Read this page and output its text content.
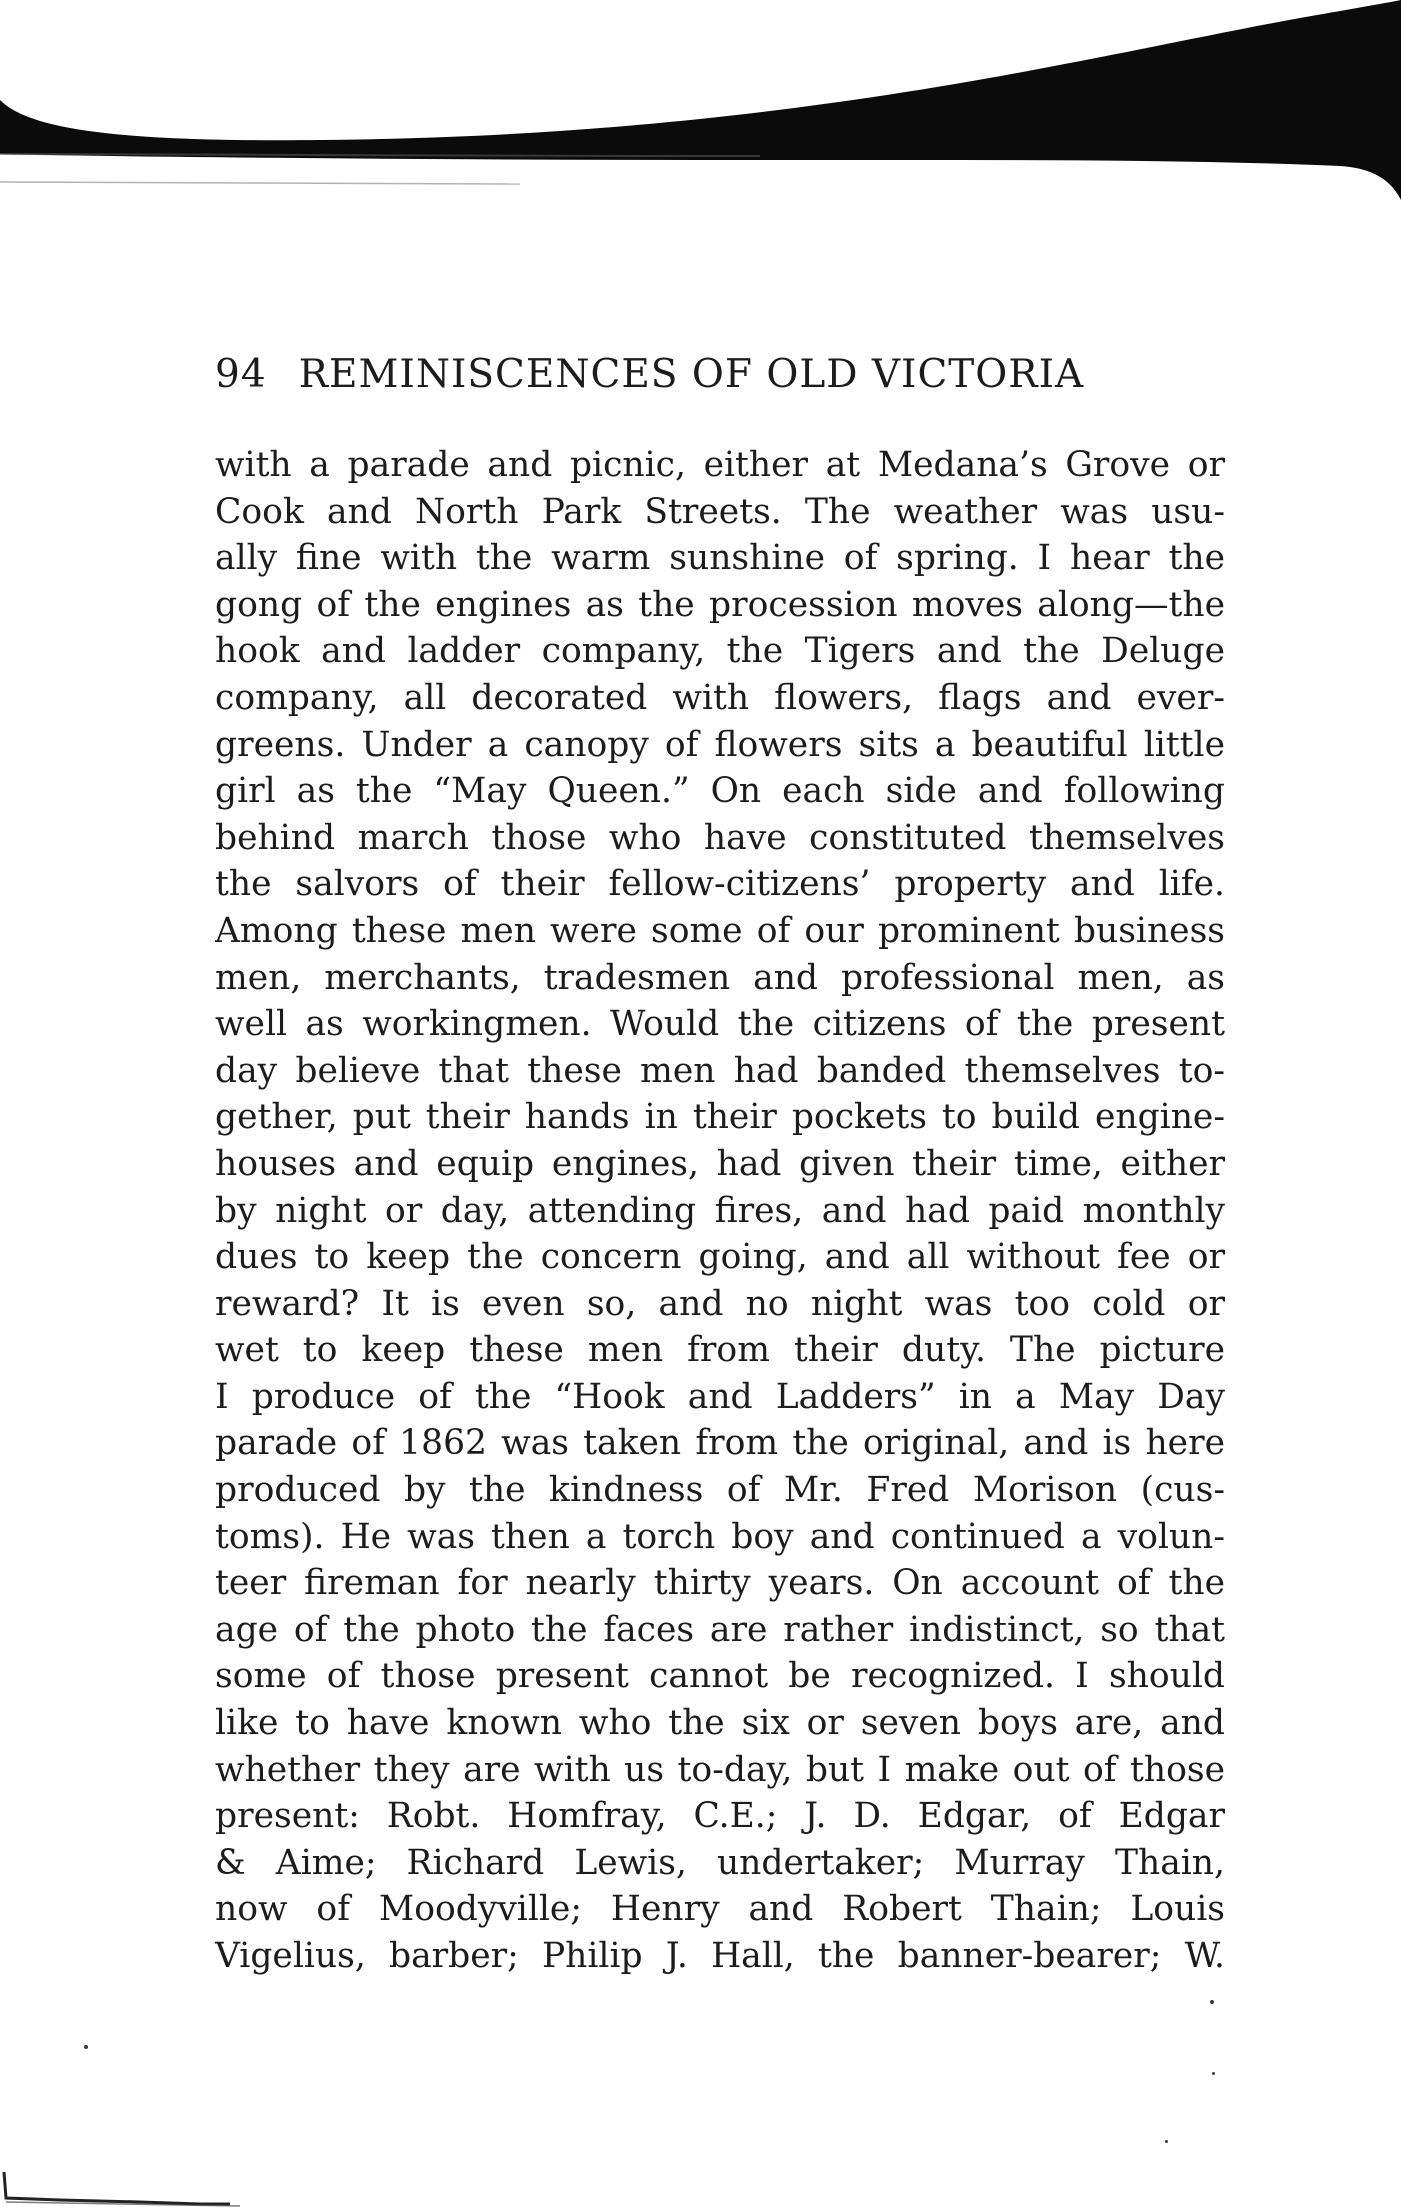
94 REMINISCENCES OF OLD VICTORIA
with a parade and picnic, either at Medana’s Grove or
Cook and North Park Streets. The weather was usu-
ally fine with the warm sunshine of spring. I hear the
gong of the engines as the procession moves along—the
hook and ladder company, the Tigers and the Deluge
company, all decorated with flowers, flags and ever-
greens. Under a canopy of flowers sits a beautiful little
girl as the “May Queen.” On each side and following
behind march those who have constituted themselves
the salvors of their fellow-citizens’ property and life.
Among these men were some of our prominent business
men, merchants, tradesmen and professional men, as
well as workingmen. Would the citizens of the present
day believe that these men had banded themselves to-
gether, put their hands in their pockets to build engine-
houses and equip engines, had given their time, either
by night or day, attending fires, and had paid monthly
dues to keep the concern going, and all without fee or
reward? It is even so, and no night was too cold or
wet to keep these men from their duty. The picture
I produce of the “Hook and Ladders” in a May Day
parade of 1862 was taken from the original, and is here
produced by the kindness of Mr. Fred Morison (cus-
toms). He was then a torch boy and continued a volun-
teer fireman for nearly thirty years. On account of the
age of the photo the faces are rather indistinct, so that
some of those present cannot be recognized. I should
like to have known who the six or seven boys are, and
whether they are with us to-day, but I make out of those
present: Robt. Homfray, C.E.; J. D. Edgar, of Edgar
& Aime; Richard Lewis, undertaker; Murray Thain,
now of Moodyville; Henry and Robert Thain; Louis
Vigelius, barber; Philip J. Hall, the banner-bearer; W.
